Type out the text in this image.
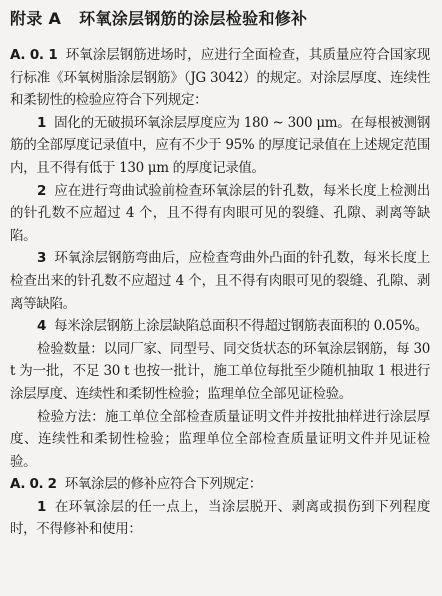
附录 A 环氧涂层钢筋的涂层检验和修补

A. 0. 1 环氧涂层钢筋进场时，应进行全面检查，其质量应符合国家现行标准《环氧树脂涂层钢筋》（JG 3042）的规定。对涂层厚度、连续性和柔韧性的检验应符合下列规定：

1 固化的无破损环氧涂层厚度应为 180 ~ 300 μm。在每根被测钢筋的全部厚度记录值中，应有不少于 95% 的厚度记录值在上述规定范围内，且不得有低于 130 μm 的厚度记录值。

2 应在进行弯曲试验前检查环氧涂层的针孔数，每米长度上检测出的针孔数不应超过 4 个，且不得有肉眼可见的裂缝、孔隙、剥离等缺陷。

3 环氧涂层钢筋弯曲后，应检查弯曲外凸面的针孔数，每米长度上检查出来的针孔数不应超过 4 个，且不得有肉眼可见的裂缝、孔隙、剥离等缺陷。

4 每米涂层钢筋上涂层缺陷总面积不得超过钢筋表面积的 0.05%。

检验数量：以同厂家、同型号、同交货状态的环氧涂层钢筋，每 30 t 为一批，不足 30 t 也按一批计，施工单位每批至少随机抽取 1 根进行涂层厚度、连续性和柔韧性检验；监理单位全部见证检验。

检验方法：施工单位全部检查质量证明文件并按批抽样进行涂层厚度、连续性和柔韧性检验；监理单位全部检查质量证明文件并见证检验。

A. 0. 2 环氧涂层的修补应符合下列规定：

1 在环氧涂层的任一点上，当涂层脱开、剥离或损伤到下列程度时，不得修补和使用：
